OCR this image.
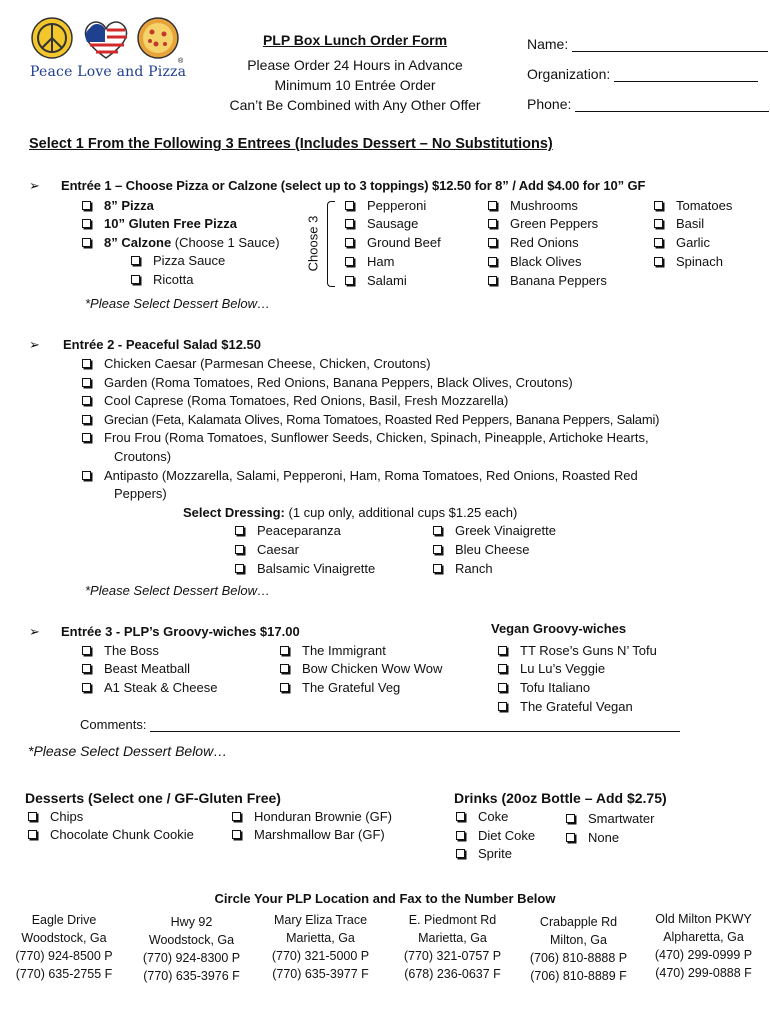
®
Peace Love and Pizza
PLP Box Lunch Order Form
Please Order 24 Hours in Advance
Minimum 10 Entrée Order
Can’t Be Combined with Any Other Offer
Name:
Organization:
Phone:
Select 1 From the Following 3 Entrees (Includes Dessert – No Substitutions)
➢ Entrée 1 – Choose Pizza or Calzone (select up to 3 toppings) $12.50 for 8” / Add $4.00 for 10” GF
8” Pizza
10” Gluten Free Pizza
8” Calzone (Choose 1 Sauce)
Pizza Sauce
Ricotta
Choose 3
Pepperoni
Sausage
Ground Beef
Ham
Salami
Mushrooms
Green Peppers
Red Onions
Black Olives
Banana Peppers
Tomatoes
Basil
Garlic
Spinach
*Please Select Dessert Below…
➢ Entrée 2 - Peaceful Salad $12.50
Chicken Caesar (Parmesan Cheese, Chicken, Croutons)
Garden (Roma Tomatoes, Red Onions, Banana Peppers, Black Olives, Croutons)
Cool Caprese (Roma Tomatoes, Red Onions, Basil, Fresh Mozzarella)
Grecian (Feta, Kalamata Olives, Roma Tomatoes, Roasted Red Peppers, Banana Peppers, Salami)
Frou Frou (Roma Tomatoes, Sunflower Seeds, Chicken, Spinach, Pineapple, Artichoke Hearts,
Croutons)
Antipasto (Mozzarella, Salami, Pepperoni, Ham, Roma Tomatoes, Red Onions, Roasted Red
Peppers)
Select Dressing: (1 cup only, additional cups $1.25 each)
Peaceparanza
Caesar
Balsamic Vinaigrette
Greek Vinaigrette
Bleu Cheese
Ranch
*Please Select Dessert Below…
➢ Entrée 3 - PLP’s Groovy-wiches $17.00	Vegan Groovy-wiches
The Boss
Beast Meatball
A1 Steak & Cheese
The Immigrant
Bow Chicken Wow Wow
The Grateful Veg
TT Rose’s Guns N’ Tofu
Lu Lu’s Veggie
Tofu Italiano
The Grateful Vegan
Comments:
*Please Select Dessert Below…
Desserts (Select one / GF-Gluten Free)
Chips
Chocolate Chunk Cookie
Honduran Brownie (GF)
Marshmallow Bar (GF)
Drinks (20oz Bottle – Add $2.75)
Coke
Diet Coke
Sprite
Smartwater
None
Circle Your PLP Location and Fax to the Number Below
Eagle Drive
Woodstock, Ga
(770) 924-8500 P
(770) 635-2755 F
Hwy 92
Woodstock, Ga
(770) 924-8300 P
(770) 635-3976 F
Mary Eliza Trace
Marietta, Ga
(770) 321-5000 P
(770) 635-3977 F
E. Piedmont Rd
Marietta, Ga
(770) 321-0757 P
(678) 236-0637 F
Crabapple Rd
Milton, Ga
(706) 810-8888 P
(706) 810-8889 F
Old Milton PKWY
Alpharetta, Ga
(470) 299-0999 P
(470) 299-0888 F
